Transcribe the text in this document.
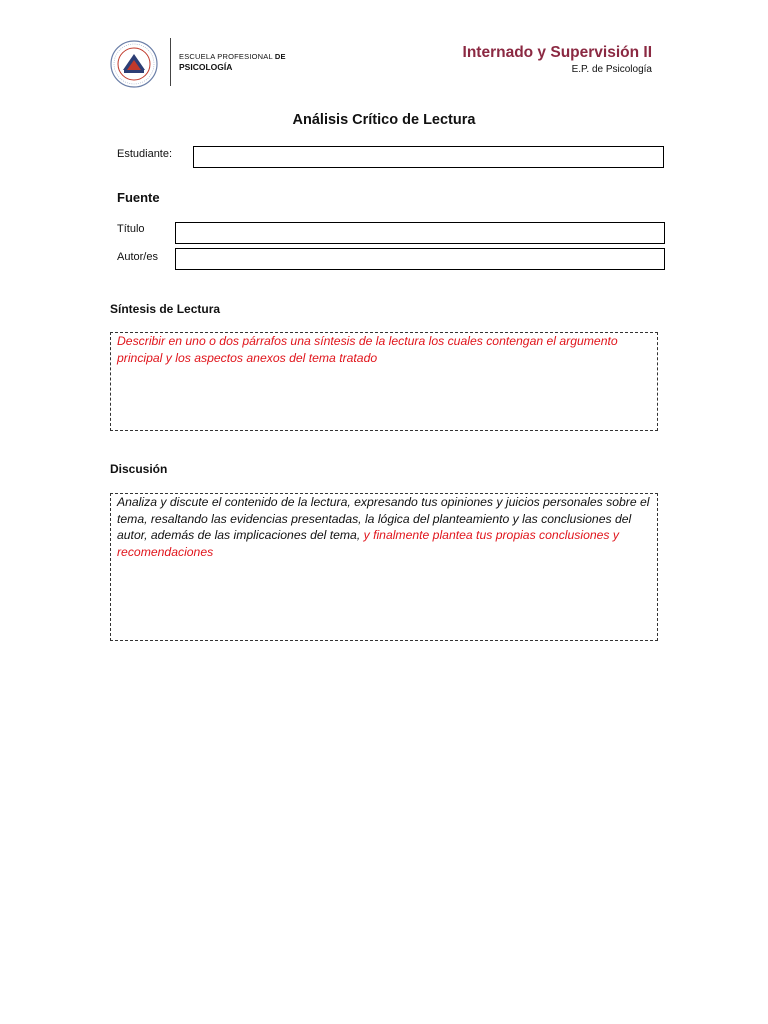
ESCUELA PROFESIONAL DE
PSICOLOGÍA
Internado y Supervisión II
E.P. de Psicología
Análisis Crítico de Lectura
Estudiante:
Fuente
Título
Autor/es
Síntesis de Lectura
Describir en uno o dos párrafos una síntesis de la lectura los cuales contengan el argumento principal y los aspectos anexos del tema tratado
Discusión
Analiza y discute el contenido de la lectura, expresando tus opiniones y juicios personales sobre el tema, resaltando las evidencias presentadas, la lógica del planteamiento y las conclusiones del autor, además de las implicaciones del tema, y finalmente plantea tus propias conclusiones y recomendaciones
